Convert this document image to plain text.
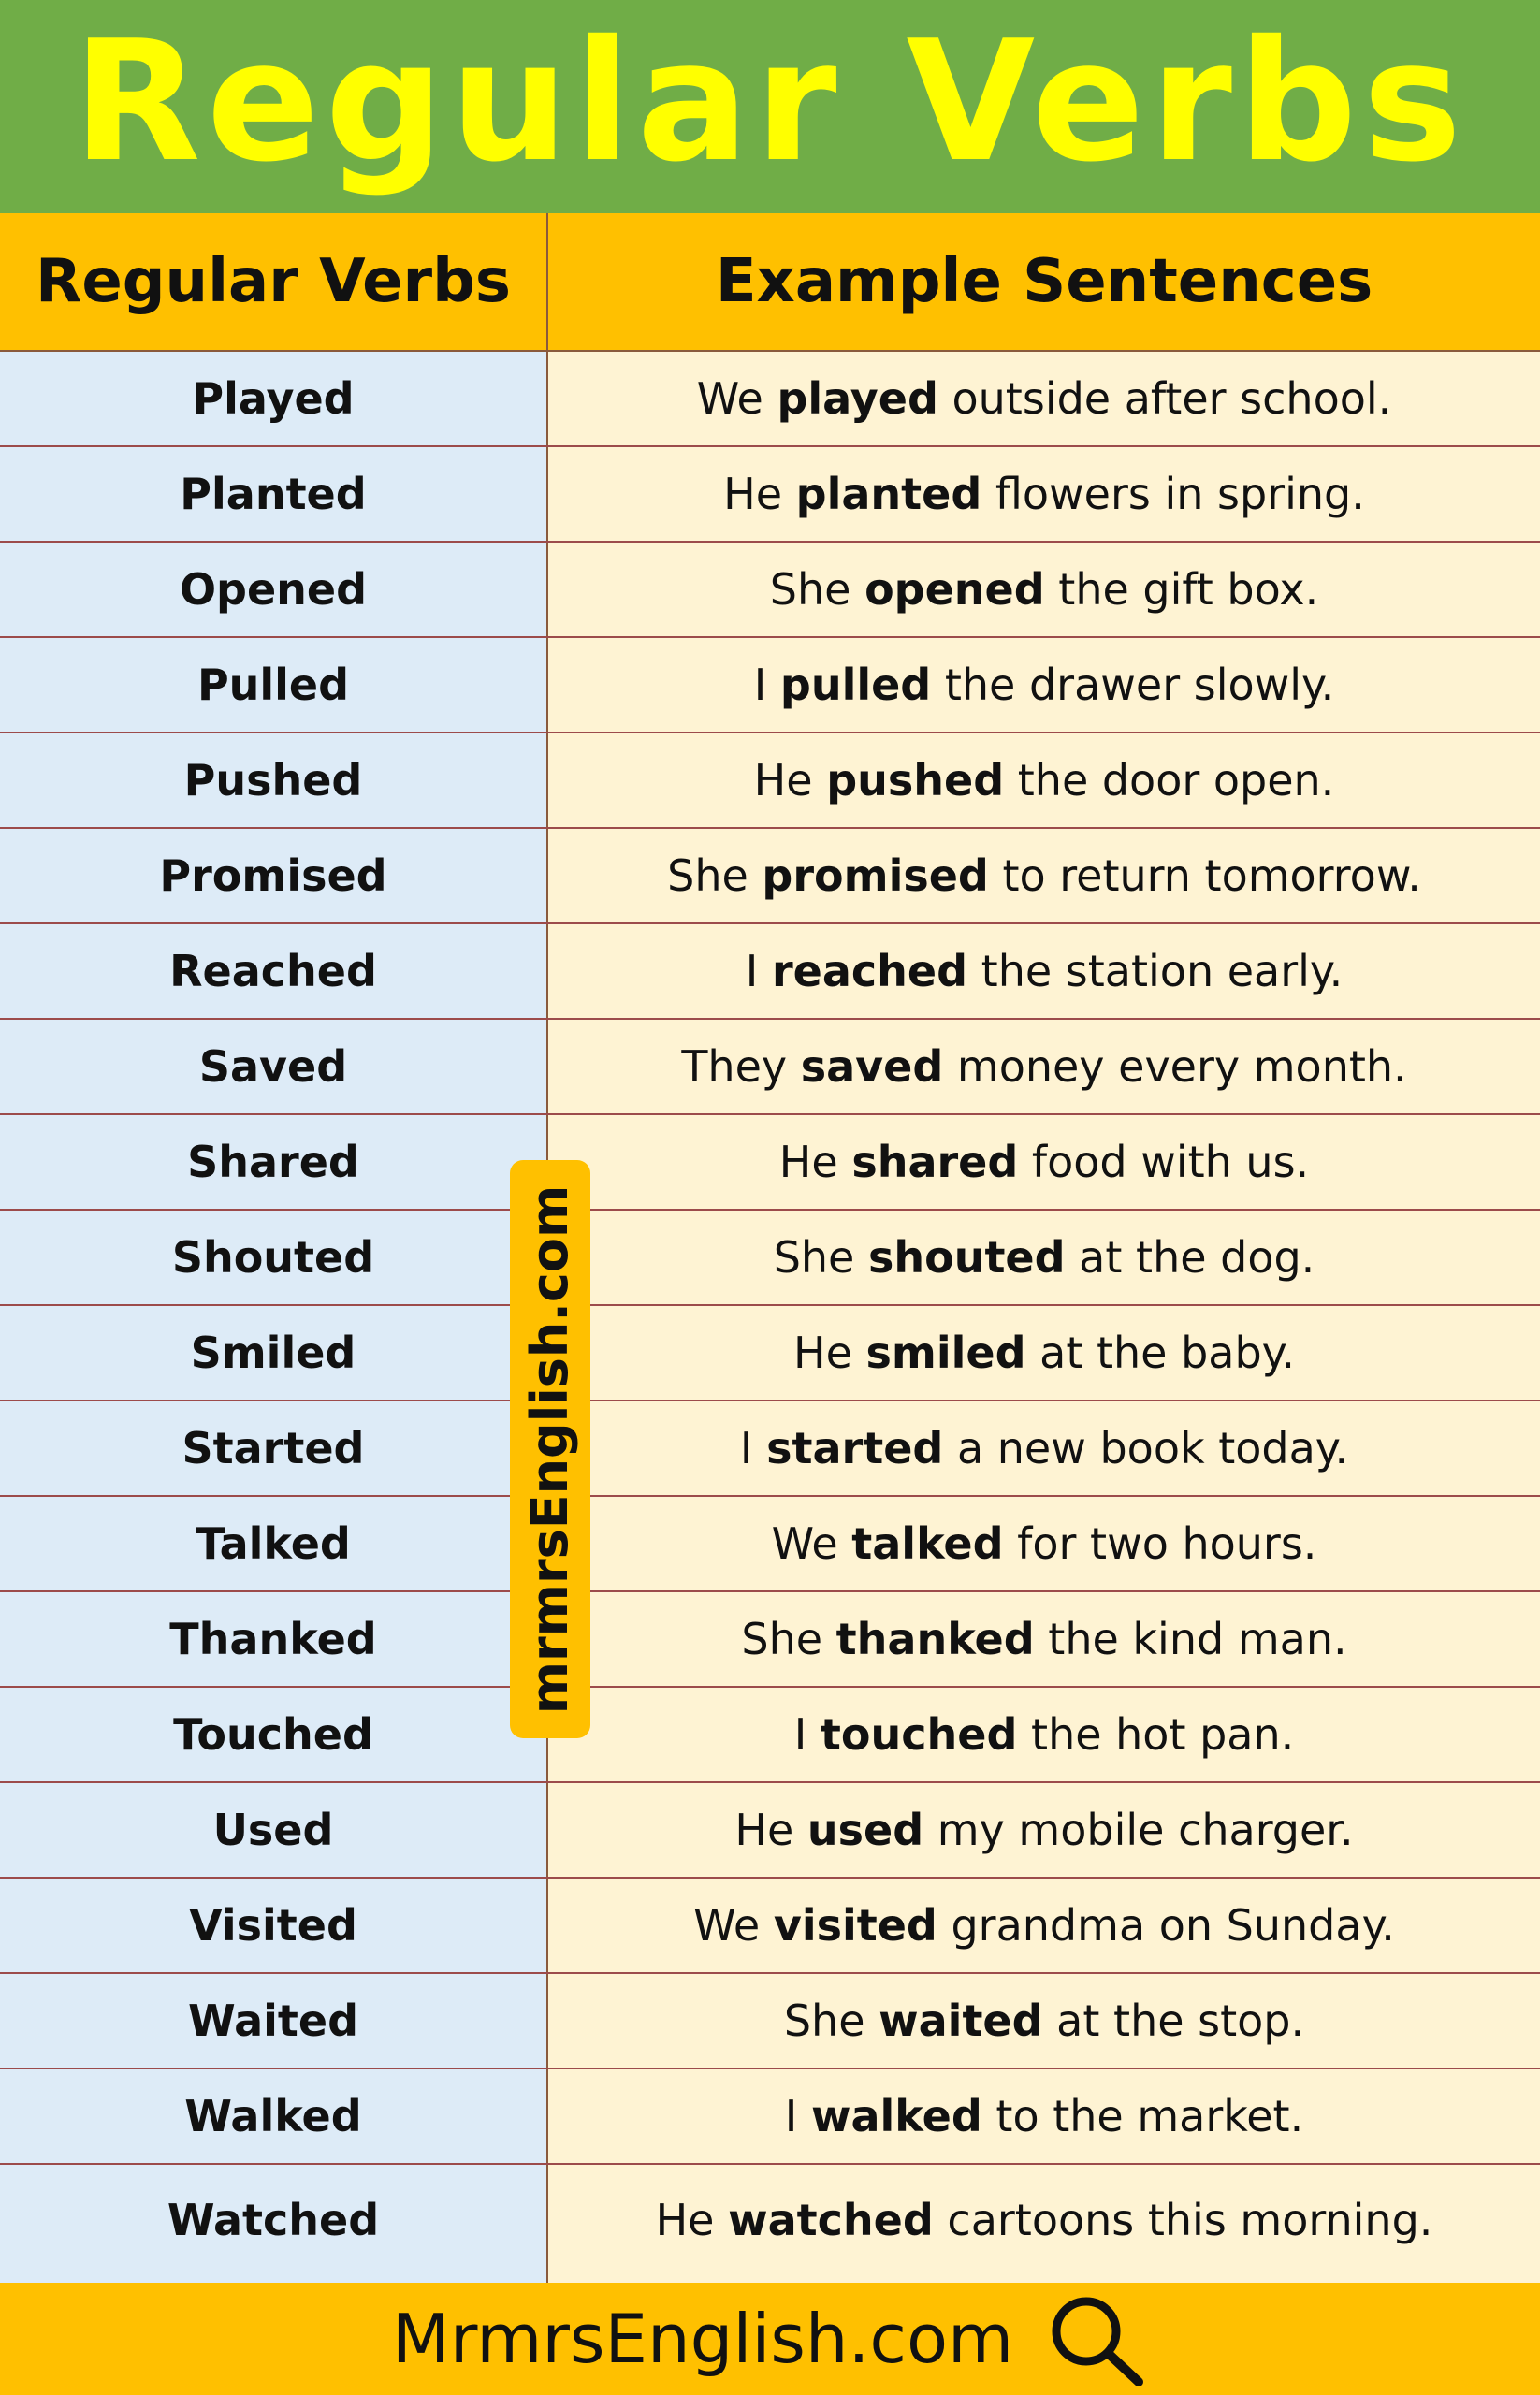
Regular Verbs
Regular Verbs	Example Sentences
Played	We played outside after school.
Planted	He planted flowers in spring.
Opened	She opened the gift box.
Pulled	I pulled the drawer slowly.
Pushed	He pushed the door open.
Promised	She promised to return tomorrow.
Reached	I reached the station early.
Saved	They saved money every month.
Shared	He shared food with us.
Shouted	She shouted at the dog.
Smiled	He smiled at the baby.
Started	I started a new book today.
Talked	We talked for two hours.
Thanked	She thanked the kind man.
Touched	I touched the hot pan.
Used	He used my mobile charger.
Visited	We visited grandma on Sunday.
Waited	She waited at the stop.
Walked	I walked to the market.
Watched	He watched cartoons this morning.
mrmrsEnglish.com
MrmrsEnglish.com
